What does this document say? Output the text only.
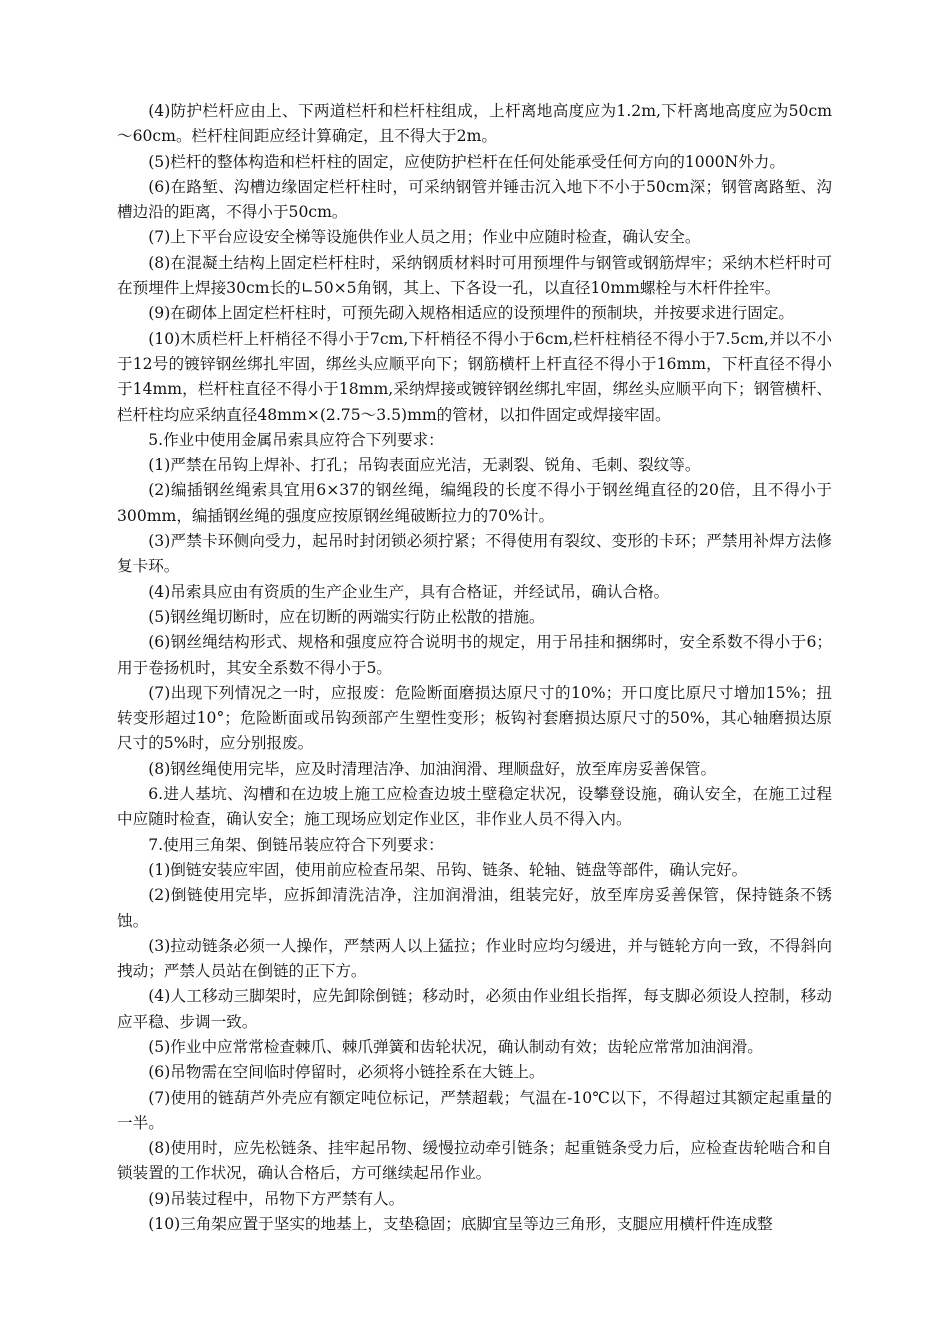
(4)防护栏杆应由上、下两道栏杆和栏杆柱组成，上杆离地高度应为1.2m,下杆离地高度应为50cm～60cm。栏杆柱间距应经计算确定，且不得大于2m。

(5)栏杆的整体构造和栏杆柱的固定，应使防护栏杆在任何处能承受任何方向的1000N外力。

(6)在路堑、沟槽边缘固定栏杆柱时，可采纳钢管并锤击沉入地下不小于50cm深；钢管离路堑、沟槽边沿的距离，不得小于50cm。

(7)上下平台应设安全梯等设施供作业人员之用；作业中应随时检查，确认安全。

(8)在混凝土结构上固定栏杆柱时，采纳钢质材料时可用预埋件与钢管或钢筋焊牢；采纳木栏杆时可在预埋件上焊接30cm长的∟50×5角钢，其上、下各设一孔，以直径10mm螺栓与木杆件拴牢。

(9)在砌体上固定栏杆柱时，可预先砌入规格相适应的设预埋件的预制块，并按要求进行固定。

(10)木质栏杆上杆梢径不得小于7cm,下杆梢径不得小于6cm,栏杆柱梢径不得小于7.5cm,并以不小于12号的镀锌钢丝绑扎牢固，绑丝头应顺平向下；钢筋横杆上杆直径不得小于16mm，下杆直径不得小于14mm，栏杆柱直径不得小于18mm,采纳焊接或镀锌钢丝绑扎牢固，绑丝头应顺平向下；钢管横杆、栏杆柱均应采纳直径48mm×(2.75～3.5)mm的管材，以扣件固定或焊接牢固。

5.作业中使用金属吊索具应符合下列要求：

(1)严禁在吊钩上焊补、打孔；吊钩表面应光洁，无剥裂、锐角、毛刺、裂纹等。

(2)编插钢丝绳索具宜用6×37的钢丝绳，编绳段的长度不得小于钢丝绳直径的20倍，且不得小于300mm，编插钢丝绳的强度应按原钢丝绳破断拉力的70%计。

(3)严禁卡环侧向受力，起吊时封闭锁必须拧紧；不得使用有裂纹、变形的卡环；严禁用补焊方法修复卡环。

(4)吊索具应由有资质的生产企业生产，具有合格证，并经试吊，确认合格。

(5)钢丝绳切断时，应在切断的两端实行防止松散的措施。

(6)钢丝绳结构形式、规格和强度应符合说明书的规定，用于吊挂和捆绑时，安全系数不得小于6；用于卷扬机时，其安全系数不得小于5。

(7)出现下列情况之一时，应报废：危险断面磨损达原尺寸的10%；开口度比原尺寸增加15%；扭转变形超过10°；危险断面或吊钩颈部产生塑性变形；板钩衬套磨损达原尺寸的50%，其心轴磨损达原尺寸的5%时，应分别报废。

(8)钢丝绳使用完毕，应及时清理洁净、加油润滑、理顺盘好，放至库房妥善保管。

6.进人基坑、沟槽和在边坡上施工应检查边坡土壁稳定状况，设攀登设施，确认安全，在施工过程中应随时检查，确认安全；施工现场应划定作业区，非作业人员不得入内。

7.使用三角架、倒链吊装应符合下列要求：

(1)倒链安装应牢固，使用前应检查吊架、吊钩、链条、轮轴、链盘等部件，确认完好。

(2)倒链使用完毕，应拆卸清洗洁净，注加润滑油，组装完好，放至库房妥善保管，保持链条不锈蚀。

(3)拉动链条必须一人操作，严禁两人以上猛拉；作业时应均匀缓进，并与链轮方向一致，不得斜向拽动；严禁人员站在倒链的正下方。

(4)人工移动三脚架时，应先卸除倒链；移动时，必须由作业组长指挥，每支脚必须设人控制，移动应平稳、步调一致。

(5)作业中应常常检查棘爪、棘爪弹簧和齿轮状况，确认制动有效；齿轮应常常加油润滑。

(6)吊物需在空间临时停留时，必须将小链拴系在大链上。

(7)使用的链葫芦外壳应有额定吨位标记，严禁超载；气温在-10℃以下，不得超过其额定起重量的一半。

(8)使用时，应先松链条、挂牢起吊物、缓慢拉动牵引链条；起重链条受力后，应检查齿轮啮合和自锁装置的工作状况，确认合格后，方可继续起吊作业。

(9)吊装过程中，吊物下方严禁有人。

(10)三角架应置于坚实的地基上，支垫稳固；底脚宜呈等边三角形，支腿应用横杆件连成整
